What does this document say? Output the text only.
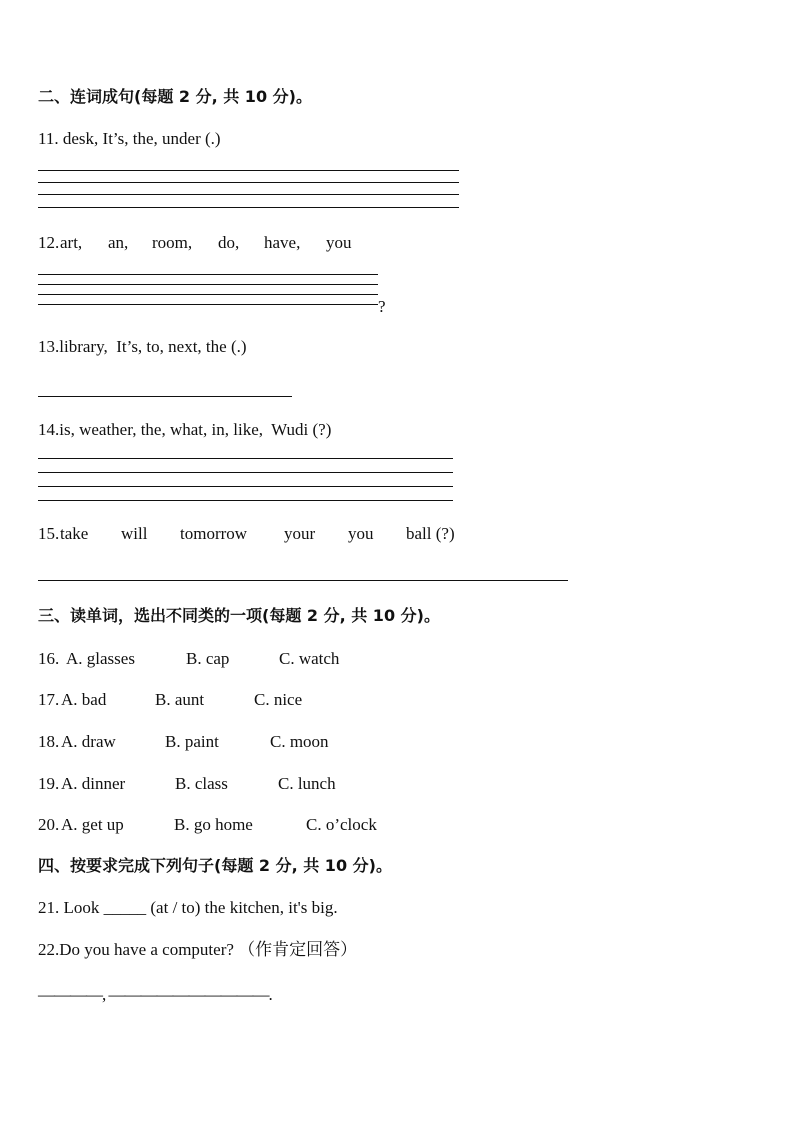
二、连词成句(每题 2 分, 共 10 分)。
11. desk, It’s, the, under (.)
12. art, an, room, do, have, you
?
13.library,  It’s, to, next, the (.)
14.is, weather, the, what, in, like,  Wudi (?)
15. take will tomorrow your you ball (?)
三、读单词，选出不同类的一项(每题 2 分, 共 10 分)。
16. A. glasses	B. cap	C. watch
17. A. bad	B. aunt	C. nice
18. A. draw	B. paint	C. moon
19. A. dinner	B. class	C. lunch
20. A. get up	B. go home	C. o’clock
四、按要求完成下列句子(每题 2 分, 共 10 分)。
21. Look _____ (at / to) the kitchen, it's big.
22.Do you have a computer? （作肯定回答）
————, ——————————.
